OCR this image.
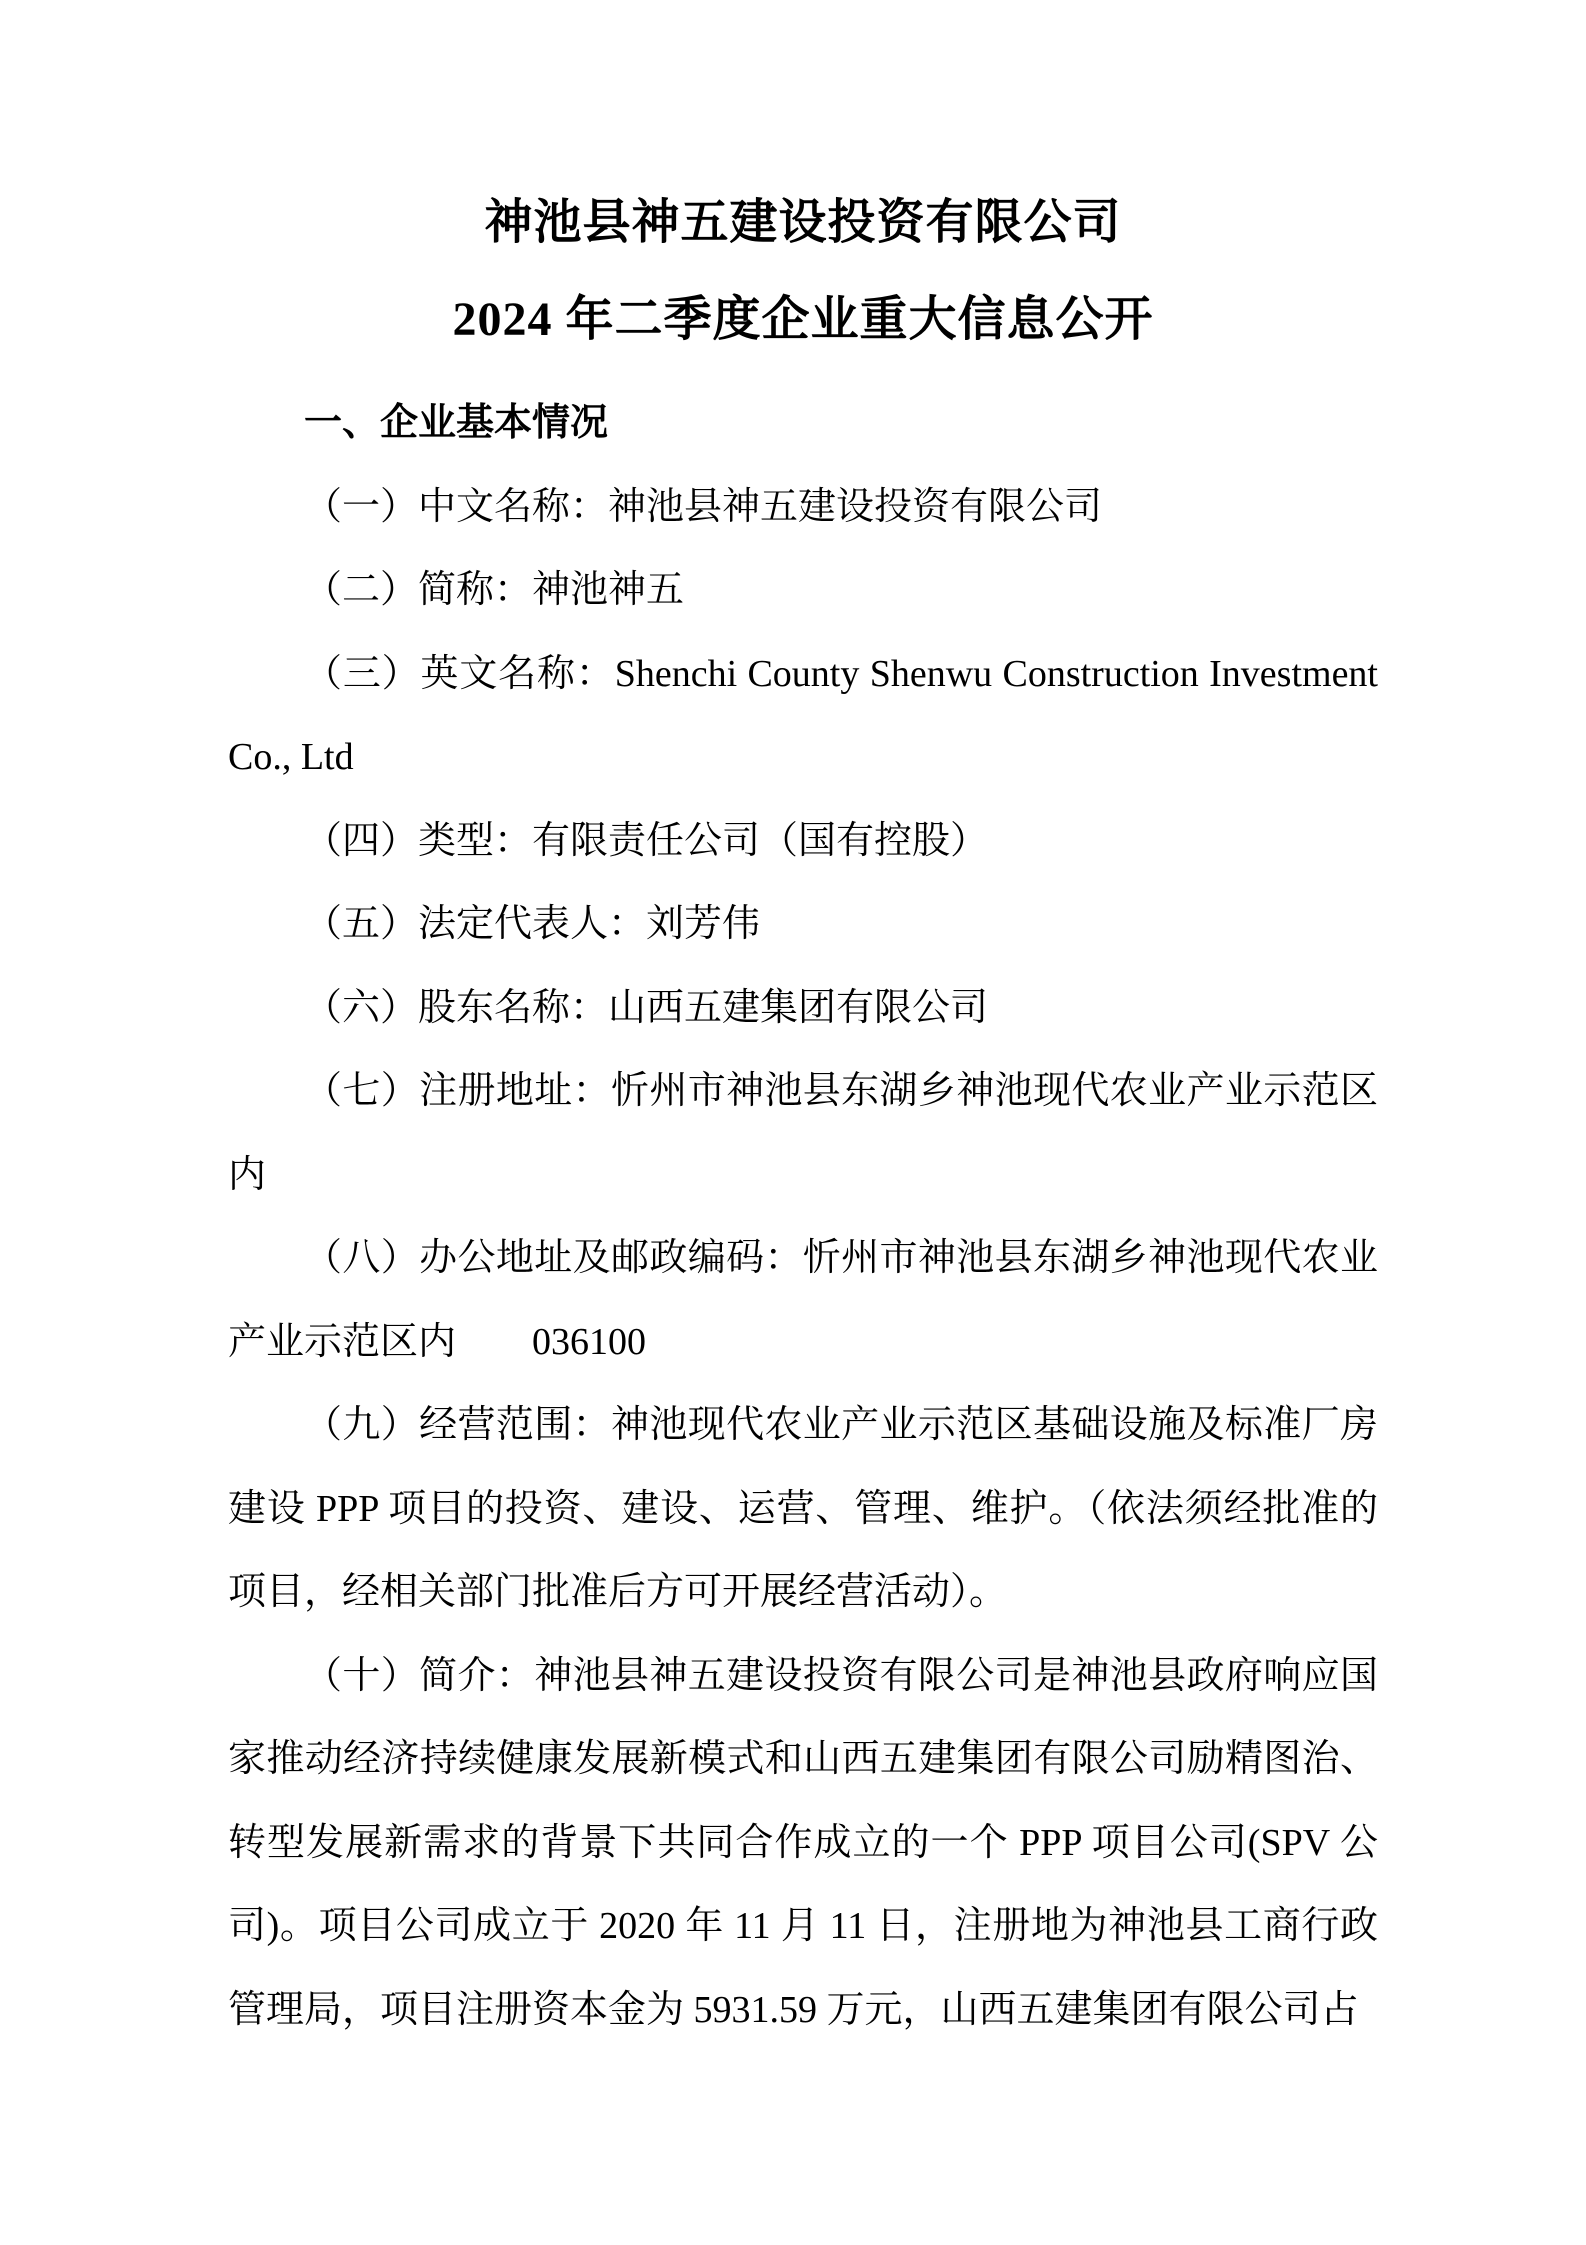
神池县神五建设投资有限公司
2024 年二季度企业重大信息公开
一、企业基本情况

（一）中文名称：神池县神五建设投资有限公司

（二）简称：神池神五

（三）英文名称：Shenchi County Shenwu Construction Investment Co., Ltd

（四）类型：有限责任公司（国有控股）

（五）法定代表人：刘芳伟

（六）股东名称：山西五建集团有限公司

（七）注册地址：忻州市神池县东湖乡神池现代农业产业示范区内

（八）办公地址及邮政编码：忻州市神池县东湖乡神池现代农业产业示范区内　　036100

（九）经营范围：神池现代农业产业示范区基础设施及标准厂房建设 PPP 项目的投资、建设、运营、管理、维护。（依法须经批准的项目，经相关部门批准后方可开展经营活动）。

（十）简介：神池县神五建设投资有限公司是神池县政府响应国家推动经济持续健康发展新模式和山西五建集团有限公司励精图治、转型发展新需求的背景下共同合作成立的一个 PPP 项目公司(SPV 公司)。项目公司成立于 2020 年 11 月 11 日，注册地为神池县工商行政管理局，项目注册资本金为 5931.59 万元，山西五建集团有限公司占
